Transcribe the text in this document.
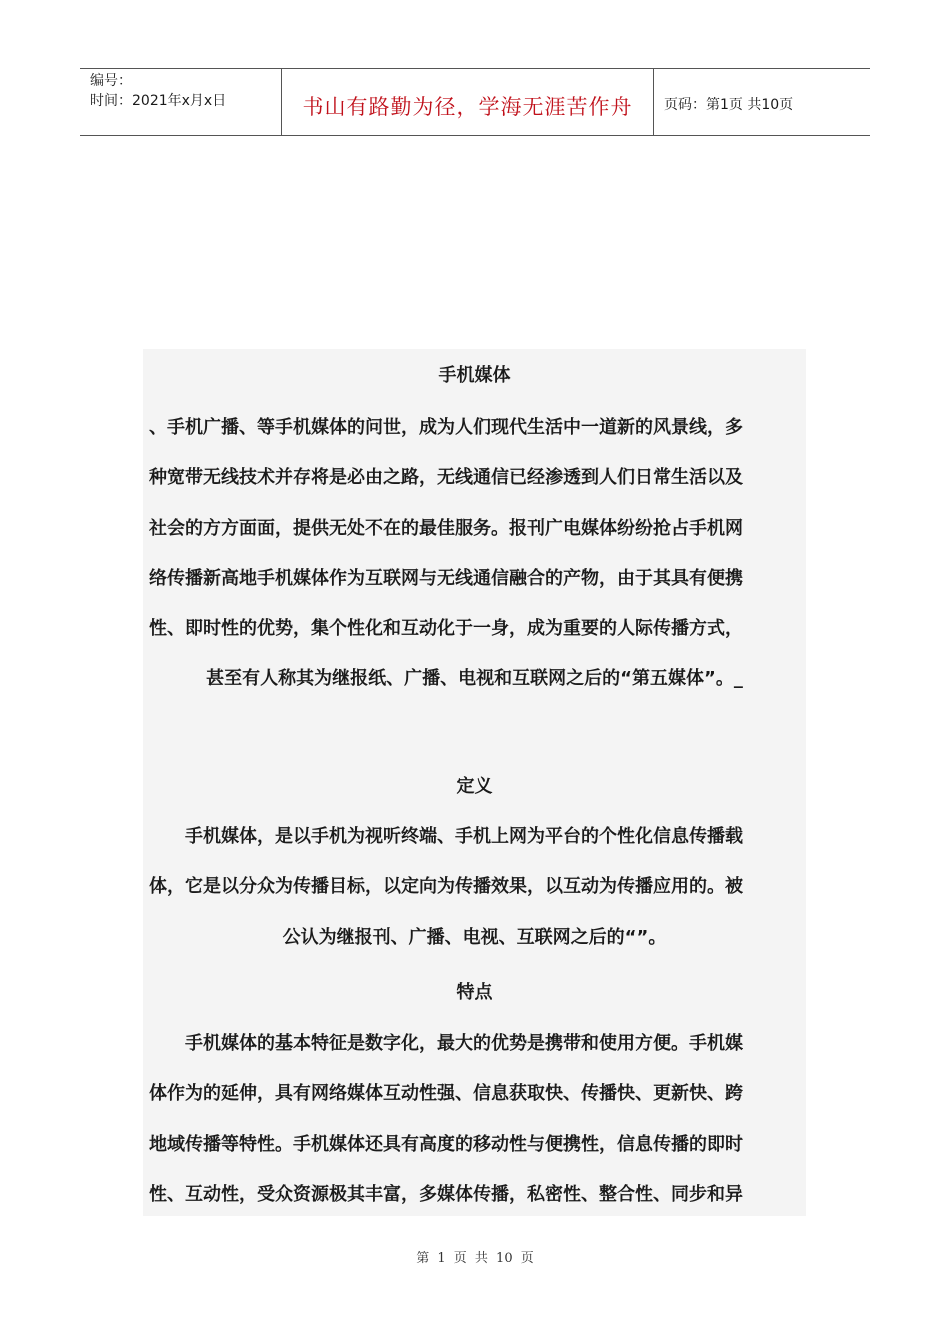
编号：
时间：2021年x月x日	书山有路勤为径，学海无涯苦作舟	页码：第1页 共10页
手机媒体
、手机广播、等手机媒体的问世，成为人们现代生活中一道新的风景线，多
种宽带无线技术并存将是必由之路，无线通信已经渗透到人们日常生活以及
社会的方方面面，提供无处不在的最佳服务。报刊广电媒体纷纷抢占手机网
络传播新高地手机媒体作为互联网与无线通信融合的产物，由于其具有便携
性、即时性的优势，集个性化和互动化于一身，成为重要的人际传播方式，
甚至有人称其为继报纸、广播、电视和互联网之后的“第五媒体”。_
定义
　　手机媒体，是以手机为视听终端、手机上网为平台的个性化信息传播载
体，它是以分众为传播目标，以定向为传播效果，以互动为传播应用的。被
公认为继报刊、广播、电视、互联网之后的“”。
特点
　　手机媒体的基本特征是数字化，最大的优势是携带和使用方便。手机媒
体作为的延伸，具有网络媒体互动性强、信息获取快、传播快、更新快、跨
地域传播等特性。手机媒体还具有高度的移动性与便携性，信息传播的即时
性、互动性，受众资源极其丰富，多媒体传播，私密性、整合性、同步和异
第 1 页 共 10 页
